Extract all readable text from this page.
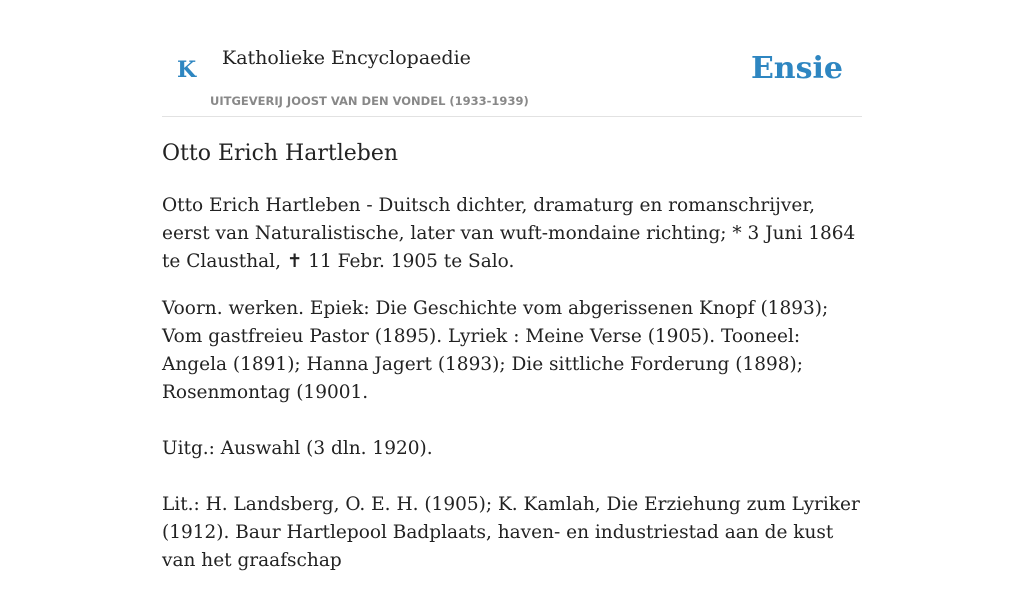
K Katholieke Encyclopaedie
UITGEVERIJ JOOST VAN DEN VONDEL (1933-1939)
Ensie
Otto Erich Hartleben

Otto Erich Hartleben - Duitsch dichter, dramaturg en romanschrijver, eerst van Naturalistische, later van wuft-mondaine richting; * 3 Juni 1864 te Clausthal, ✝ 11 Febr. 1905 te Salo.

Voorn. werken. Epiek: Die Geschichte vom abgerissenen Knopf (1893); Vom gastfreieu Pastor (1895). Lyriek : Meine Verse (1905). Tooneel: Angela (1891); Hanna Jagert (1893); Die sittliche Forderung (1898); Rosenmontag (19001.

Uitg.: Auswahl (3 dln. 1920).

Lit.: H. Landsberg, O. E. H. (1905); K. Kamlah, Die Erziehung zum Lyriker (1912). Baur Hartlepool Badplaats, haven- en industriestad aan de kust van het graafschap
